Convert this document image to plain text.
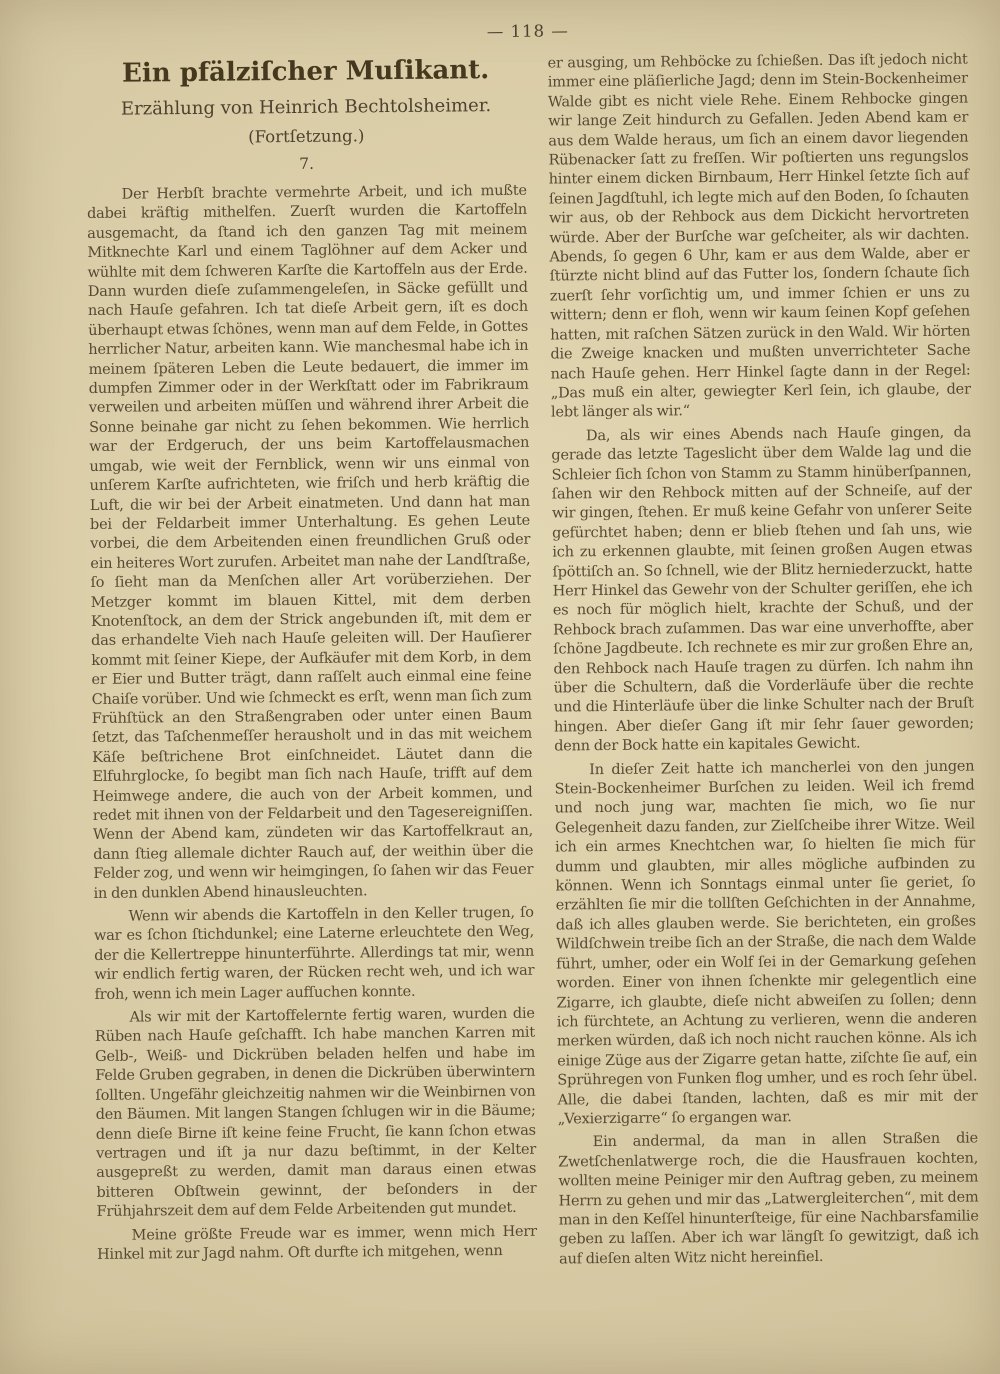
— 118 —
Ein pfälziſcher Muſikant.
Erzählung von Heinrich Bechtolsheimer.
(Fortſetzung.)
7.

Der Herbſt brachte vermehrte Arbeit, und ich mußte dabei kräftig mithelfen. Zuerſt wurden die Kartoffeln ausgemacht, da ſtand ich den ganzen Tag mit meinem Mitknechte Karl und einem Taglöhner auf dem Acker und wühlte mit dem ſchweren Karſte die Kartoffeln aus der Erde. Dann wurden dieſe zuſammengeleſen, in Säcke gefüllt und nach Hauſe gefahren. Ich tat dieſe Arbeit gern, iſt es doch überhaupt etwas ſchönes, wenn man auf dem Felde, in Gottes herrlicher Natur, arbeiten kann. Wie manchesmal habe ich in meinem ſpäteren Leben die Leute bedauert, die immer im dumpfen Zimmer oder in der Werkſtatt oder im Fabrikraum verweilen und arbeiten müſſen und während ihrer Arbeit die Sonne beinahe gar nicht zu ſehen bekommen. Wie herrlich war der Erdgeruch, der uns beim Kartoffelausmachen umgab, wie weit der Fernblick, wenn wir uns einmal von unſerem Karſte aufrichteten, wie friſch und herb kräftig die Luft, die wir bei der Arbeit einatmeten. Und dann hat man bei der Feldarbeit immer Unterhaltung. Es gehen Leute vorbei, die dem Arbeitenden einen freundlichen Gruß oder ein heiteres Wort zurufen. Arbeitet man nahe der Landſtraße, ſo ſieht man da Menſchen aller Art vorüberziehen. Der Metzger kommt im blauen Kittel, mit dem derben Knotenſtock, an dem der Strick angebunden iſt, mit dem er das erhandelte Vieh nach Hauſe geleiten will. Der Hauſierer kommt mit ſeiner Kiepe, der Aufkäufer mit dem Korb, in dem er Eier und Butter trägt, dann raſſelt auch einmal eine feine Chaiſe vorüber. Und wie ſchmeckt es erſt, wenn man ſich zum Frühſtück an den Straßengraben oder unter einen Baum ſetzt, das Taſchenmeſſer herausholt und in das mit weichem Käſe beſtrichene Brot einſchneidet. Läutet dann die Elfuhrglocke, ſo begibt man ſich nach Hauſe, trifft auf dem Heimwege andere, die auch von der Arbeit kommen, und redet mit ihnen von der Feldarbeit und den Tagesereigniſſen. Wenn der Abend kam, zündeten wir das Kartoffelkraut an, dann ſtieg allemale dichter Rauch auf, der weithin über die Felder zog, und wenn wir heimgingen, ſo ſahen wir das Feuer in den dunklen Abend hinausleuchten.

Wenn wir abends die Kartoffeln in den Keller trugen, ſo war es ſchon ſtichdunkel; eine Laterne erleuchtete den Weg, der die Kellertreppe hinunterführte. Allerdings tat mir, wenn wir endlich fertig waren, der Rücken recht weh, und ich war froh, wenn ich mein Lager aufſuchen konnte.

Als wir mit der Kartoffelernte fertig waren, wurden die Rüben nach Hauſe geſchafft. Ich habe manchen Karren mit Gelb-, Weiß- und Dickrüben beladen helfen und habe im Felde Gruben gegraben, in denen die Dickrüben überwintern ſollten. Ungefähr gleichzeitig nahmen wir die Weinbirnen von den Bäumen. Mit langen Stangen ſchlugen wir in die Bäume; denn dieſe Birne iſt keine feine Frucht, ſie kann ſchon etwas vertragen und iſt ja nur dazu beſtimmt, in der Kelter ausgepreßt zu werden, damit man daraus einen etwas bitteren Obſtwein gewinnt, der beſonders in der Frühjahrszeit dem auf dem Felde Arbeitenden gut mundet.

Meine größte Freude war es immer, wenn mich Herr Hinkel mit zur Jagd nahm. Oft durfte ich mitgehen, wenn

er ausging, um Rehböcke zu ſchießen. Das iſt jedoch nicht immer eine pläſierliche Jagd; denn im Stein-Bockenheimer Walde gibt es nicht viele Rehe. Einem Rehbocke gingen wir lange Zeit hindurch zu Gefallen. Jeden Abend kam er aus dem Walde heraus, um ſich an einem davor liegenden Rübenacker ſatt zu freſſen. Wir poſtierten uns regungslos hinter einem dicken Birnbaum, Herr Hinkel ſetzte ſich auf ſeinen Jagdſtuhl, ich legte mich auf den Boden, ſo ſchauten wir aus, ob der Rehbock aus dem Dickicht hervortreten würde. Aber der Burſche war geſcheiter, als wir dachten. Abends, ſo gegen 6 Uhr, kam er aus dem Walde, aber er ſtürzte nicht blind auf das Futter los, ſondern ſchaute ſich zuerſt ſehr vorſichtig um, und immer ſchien er uns zu wittern; denn er floh, wenn wir kaum ſeinen Kopf geſehen hatten, mit raſchen Sätzen zurück in den Wald. Wir hörten die Zweige knacken und mußten unverrichteter Sache nach Hauſe gehen. Herr Hinkel ſagte dann in der Regel: „Das muß ein alter, gewiegter Kerl ſein, ich glaube, der lebt länger als wir.“

Da, als wir eines Abends nach Hauſe gingen, da gerade das letzte Tageslicht über dem Walde lag und die Schleier ſich ſchon von Stamm zu Stamm hinüberſpannen, ſahen wir den Rehbock mitten auf der Schneiſe, auf der wir gingen, ſtehen. Er muß keine Gefahr von unſerer Seite gefürchtet haben; denn er blieb ſtehen und ſah uns, wie ich zu erkennen glaubte, mit ſeinen großen Augen etwas ſpöttiſch an. So ſchnell, wie der Blitz herniederzuckt, hatte Herr Hinkel das Gewehr von der Schulter geriſſen, ehe ich es noch für möglich hielt, krachte der Schuß, und der Rehbock brach zuſammen. Das war eine unverhoffte, aber ſchöne Jagdbeute. Ich rechnete es mir zur großen Ehre an, den Rehbock nach Hauſe tragen zu dürfen. Ich nahm ihn über die Schultern, daß die Vorderläufe über die rechte und die Hinterläufe über die linke Schulter nach der Bruſt hingen. Aber dieſer Gang iſt mir ſehr ſauer geworden; denn der Bock hatte ein kapitales Gewicht.

In dieſer Zeit hatte ich mancherlei von den jungen Stein-Bockenheimer Burſchen zu leiden. Weil ich fremd und noch jung war, machten ſie mich, wo ſie nur Gelegenheit dazu fanden, zur Zielſcheibe ihrer Witze. Weil ich ein armes Knechtchen war, ſo hielten ſie mich für dumm und glaubten, mir alles mögliche aufbinden zu können. Wenn ich Sonntags einmal unter ſie geriet, ſo erzählten ſie mir die tollſten Geſchichten in der Annahme, daß ich alles glauben werde. Sie berichteten, ein großes Wildſchwein treibe ſich an der Straße, die nach dem Walde führt, umher, oder ein Wolf ſei in der Gemarkung geſehen worden. Einer von ihnen ſchenkte mir gelegentlich eine Zigarre, ich glaubte, dieſe nicht abweiſen zu ſollen; denn ich fürchtete, an Achtung zu verlieren, wenn die anderen merken würden, daß ich noch nicht rauchen könne. Als ich einige Züge aus der Zigarre getan hatte, ziſchte ſie auf, ein Sprühregen von Funken flog umher, und es roch ſehr übel. Alle, die dabei ſtanden, lachten, daß es mir mit der „Vexierzigarre“ ſo ergangen war.

Ein andermal, da man in allen Straßen die Zwetſchenlatwerge roch, die die Hausfrauen kochten, wollten meine Peiniger mir den Auftrag geben, zu meinem Herrn zu gehen und mir das „Latwergleiterchen“, mit dem man in den Keſſel hinunterſteige, für eine Nachbarsfamilie geben zu laſſen. Aber ich war längſt ſo gewitzigt, daß ich auf dieſen alten Witz nicht hereinfiel.
